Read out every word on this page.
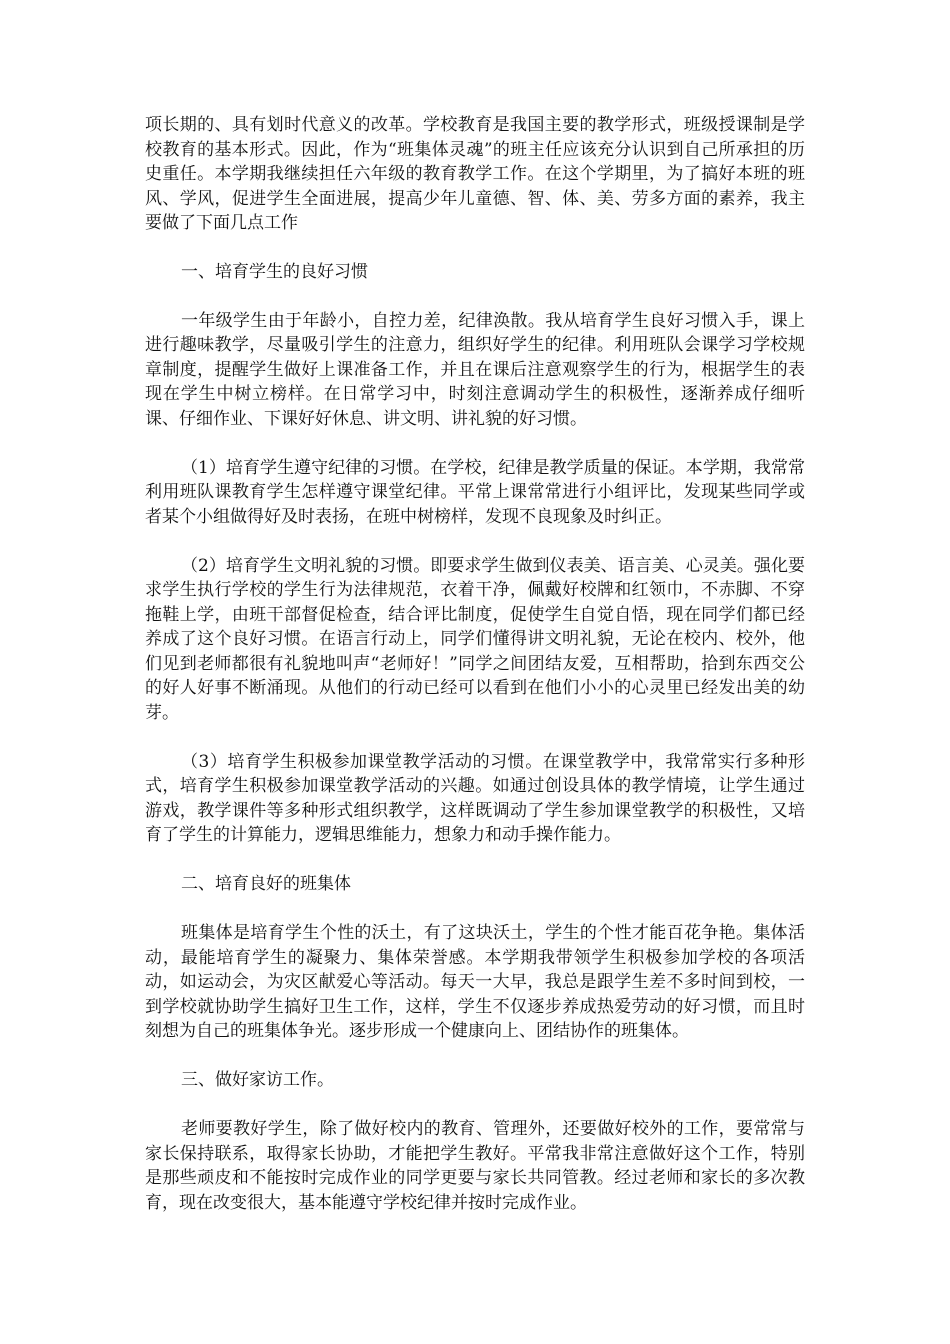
项长期的、具有划时代意义的改革。学校教育是我国主要的教学形式，班级授课制是学校教育的基本形式。因此，作为“班集体灵魂”的班主任应该充分认识到自己所承担的历史重任。本学期我继续担任六年级的教育教学工作。在这个学期里，为了搞好本班的班风、学风，促进学生全面进展，提高少年儿童德、智、体、美、劳多方面的素养，我主要做了下面几点工作

一、培育学生的良好习惯

一年级学生由于年龄小，自控力差，纪律涣散。我从培育学生良好习惯入手，课上进行趣味教学，尽量吸引学生的注意力，组织好学生的纪律。利用班队会课学习学校规章制度，提醒学生做好上课准备工作，并且在课后注意观察学生的行为，根据学生的表现在学生中树立榜样。在日常学习中，时刻注意调动学生的积极性，逐渐养成仔细听课、仔细作业、下课好好休息、讲文明、讲礼貌的好习惯。

（1）培育学生遵守纪律的习惯。在学校，纪律是教学质量的保证。本学期，我常常利用班队课教育学生怎样遵守课堂纪律。平常上课常常进行小组评比，发现某些同学或者某个小组做得好及时表扬，在班中树榜样，发现不良现象及时纠正。

（2）培育学生文明礼貌的习惯。即要求学生做到仪表美、语言美、心灵美。强化要求学生执行学校的学生行为法律规范，衣着干净，佩戴好校牌和红领巾，不赤脚、不穿拖鞋上学，由班干部督促检查，结合评比制度，促使学生自觉自悟，现在同学们都已经养成了这个良好习惯。在语言行动上，同学们懂得讲文明礼貌，无论在校内、校外，他们见到老师都很有礼貌地叫声“老师好！”同学之间团结友爱，互相帮助，拾到东西交公的好人好事不断涌现。从他们的行动已经可以看到在他们小小的心灵里已经发出美的幼芽。

（3）培育学生积极参加课堂教学活动的习惯。在课堂教学中，我常常实行多种形式，培育学生积极参加课堂教学活动的兴趣。如通过创设具体的教学情境，让学生通过游戏，教学课件等多种形式组织教学，这样既调动了学生参加课堂教学的积极性，又培育了学生的计算能力，逻辑思维能力，想象力和动手操作能力。

二、培育良好的班集体

班集体是培育学生个性的沃土，有了这块沃土，学生的个性才能百花争艳。集体活动，最能培育学生的凝聚力、集体荣誉感。本学期我带领学生积极参加学校的各项活动，如运动会，为灾区献爱心等活动。每天一大早，我总是跟学生差不多时间到校，一到学校就协助学生搞好卫生工作，这样，学生不仅逐步养成热爱劳动的好习惯，而且时刻想为自己的班集体争光。逐步形成一个健康向上、团结协作的班集体。

三、做好家访工作。

老师要教好学生，除了做好校内的教育、管理外，还要做好校外的工作，要常常与家长保持联系，取得家长协助，才能把学生教好。平常我非常注意做好这个工作，特别是那些顽皮和不能按时完成作业的同学更要与家长共同管教。经过老师和家长的多次教育，现在改变很大，基本能遵守学校纪律并按时完成作业。
